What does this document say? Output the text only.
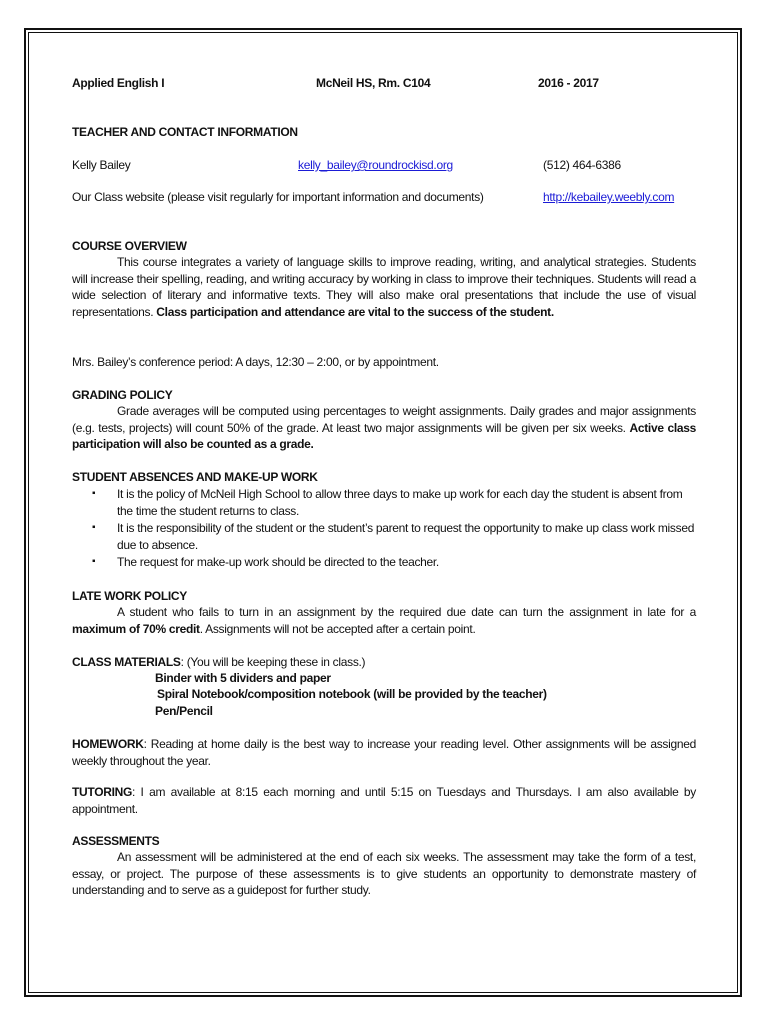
Applied English I	McNeil HS, Rm. C104	2016 - 2017
TEACHER AND CONTACT INFORMATION
Kelly Bailey	kelly_bailey@roundrockisd.org	(512) 464-6386
Our Class website (please visit regularly for important information and documents)	http://kebailey.weebly.com
COURSE OVERVIEW
This course integrates a variety of language skills to improve reading, writing, and analytical strategies. Students will increase their spelling, reading, and writing accuracy by working in class to improve their techniques. Students will read a wide selection of literary and informative texts. They will also make oral presentations that include the use of visual representations. Class participation and attendance are vital to the success of the student.
Mrs. Bailey’s conference period: A days, 12:30 – 2:00, or by appointment.
GRADING POLICY
Grade averages will be computed using percentages to weight assignments. Daily grades and major assignments (e.g. tests, projects) will count 50% of the grade. At least two major assignments will be given per six weeks. Active class participation will also be counted as a grade.
STUDENT ABSENCES AND MAKE-UP WORK
▪ It is the policy of McNeil High School to allow three days to make up work for each day the student is absent from the time the student returns to class.
▪ It is the responsibility of the student or the student’s parent to request the opportunity to make up class work missed due to absence.
▪ The request for make-up work should be directed to the teacher.
LATE WORK POLICY
A student who fails to turn in an assignment by the required due date can turn the assignment in late for a maximum of 70% credit. Assignments will not be accepted after a certain point.
CLASS MATERIALS: (You will be keeping these in class.)
Binder with 5 dividers and paper
Spiral Notebook/composition notebook (will be provided by the teacher)
Pen/Pencil
HOMEWORK: Reading at home daily is the best way to increase your reading level. Other assignments will be assigned weekly throughout the year.
TUTORING: I am available at 8:15 each morning and until 5:15 on Tuesdays and Thursdays. I am also available by appointment.
ASSESSMENTS
An assessment will be administered at the end of each six weeks. The assessment may take the form of a test, essay, or project. The purpose of these assessments is to give students an opportunity to demonstrate mastery of understanding and to serve as a guidepost for further study.
